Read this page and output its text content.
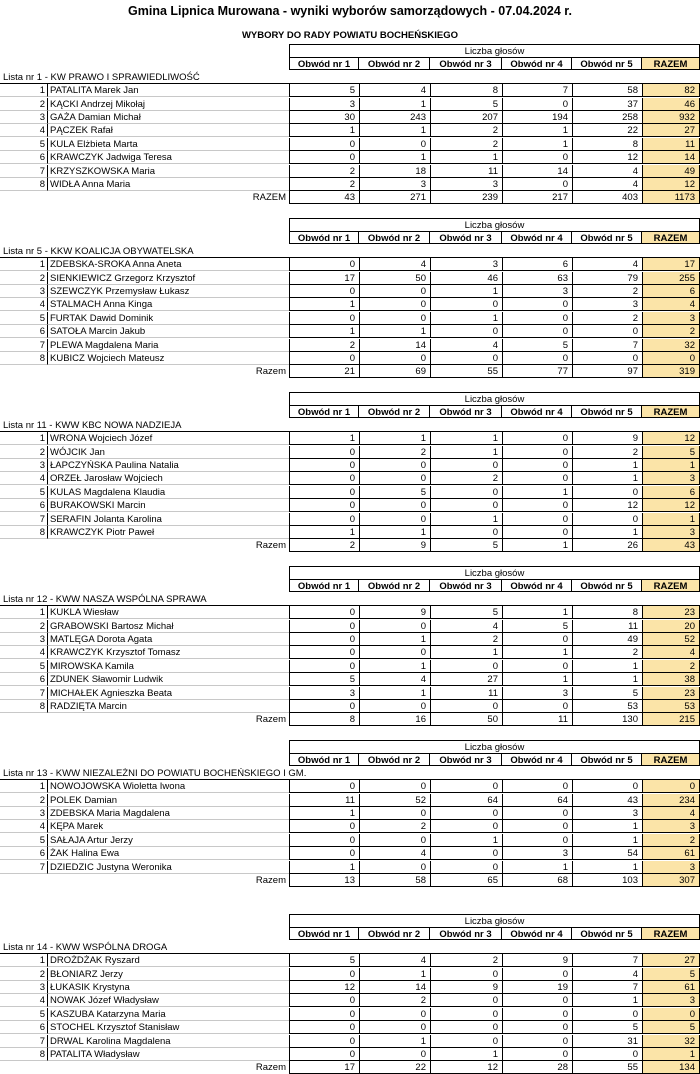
Gmina Lipnica Murowana - wyniki wyborów samorządowych - 07.04.2024 r.
WYBORY DO RADY POWIATU BOCHEŃSKIEGO
Liczba głosów
Obwód nr 1	Obwód nr 2	Obwód nr 3	Obwód nr 4	Obwód nr 5	RAZEM
Lista nr 1 - KW PRAWO I SPRAWIEDLIWOŚĆ
1 PATALITA Marek Jan	5	4	8	7	58	82
2 KĄCKI Andrzej Mikołaj	3	1	5	0	37	46
3 GAŻA Damian Michał	30	243	207	194	258	932
4 PĄCZEK Rafał	1	1	2	1	22	27
5 KULA Elżbieta Marta	0	0	2	1	8	11
6 KRAWCZYK Jadwiga Teresa	0	1	1	0	12	14
7 KRZYSZKOWSKA Maria	2	18	11	14	4	49
8 WIDŁA Anna Maria	2	3	3	0	4	12
RAZEM	43	271	239	217	403	1173
Liczba głosów
Obwód nr 1	Obwód nr 2	Obwód nr 3	Obwód nr 4	Obwód nr 5	RAZEM
Lista nr 5 - KKW KOALICJA OBYWATELSKA
1 ZDEBSKA-SROKA Anna Aneta	0	4	3	6	4	17
2 SIENKIEWICZ Grzegorz Krzysztof	17	50	46	63	79	255
3 SZEWCZYK Przemysław Łukasz	0	0	1	3	2	6
4 STALMACH Anna Kinga	1	0	0	0	3	4
5 FURTAK Dawid Dominik	0	0	1	0	2	3
6 SATOŁA Marcin Jakub	1	1	0	0	0	2
7 PLEWA Magdalena Maria	2	14	4	5	7	32
8 KUBICZ Wojciech Mateusz	0	0	0	0	0	0
Razem	21	69	55	77	97	319
Liczba głosów
Obwód nr 1	Obwód nr 2	Obwód nr 3	Obwód nr 4	Obwód nr 5	RAZEM
Lista nr 11 - KWW KBC NOWA NADZIEJA
1 WRONA Wojciech Józef	1	1	1	0	9	12
2 WÓJCIK Jan	0	2	1	0	2	5
3 ŁAPCZYŃSKA Paulina Natalia	0	0	0	0	1	1
4 ORZEŁ Jarosław Wojciech	0	0	2	0	1	3
5 KULAS Magdalena Klaudia	0	5	0	1	0	6
6 BURAKOWSKI Marcin	0	0	0	0	12	12
7 SERAFIN Jolanta Karolina	0	0	1	0	0	1
8 KRAWCZYK Piotr Paweł	1	1	0	0	1	3
Razem	2	9	5	1	26	43
Liczba głosów
Obwód nr 1	Obwód nr 2	Obwód nr 3	Obwód nr 4	Obwód nr 5	RAZEM
Lista nr 12 - KWW NASZA WSPÓLNA SPRAWA
1 KUKLA Wiesław	0	9	5	1	8	23
2 GRABOWSKI Bartosz Michał	0	0	4	5	11	20
3 MATLĘGA Dorota Agata	0	1	2	0	49	52
4 KRAWCZYK Krzysztof Tomasz	0	0	1	1	2	4
5 MIROWSKA Kamila	0	1	0	0	1	2
6 ZDUNEK Sławomir Ludwik	5	4	27	1	1	38
7 MICHAŁEK Agnieszka Beata	3	1	11	3	5	23
8 RADZIĘTA Marcin	0	0	0	0	53	53
Razem	8	16	50	11	130	215
Liczba głosów
Obwód nr 1	Obwód nr 2	Obwód nr 3	Obwód nr 4	Obwód nr 5	RAZEM
Lista nr 13 - KWW NIEZALEŻNI DO POWIATU BOCHEŃSKIEGO I GM.
1 NOWOJOWSKA Wioletta Iwona	0	0	0	0	0	0
2 POLEK Damian	11	52	64	64	43	234
3 ZDEBSKA Maria Magdalena	1	0	0	0	3	4
4 KĘPA Marek	0	2	0	0	1	3
5 SAŁAJA Artur Jerzy	0	0	1	0	1	2
6 ŻAK Halina Ewa	0	4	0	3	54	61
7 DZIEDZIC Justyna Weronika	1	0	0	1	1	3
Razem	13	58	65	68	103	307
Liczba głosów
Obwód nr 1	Obwód nr 2	Obwód nr 3	Obwód nr 4	Obwód nr 5	RAZEM
Lista nr 14 - KWW WSPÓLNA DROGA
1 DROŻDŻAK Ryszard	5	4	2	9	7	27
2 BŁONIARZ Jerzy	0	1	0	0	4	5
3 ŁUKASIK Krystyna	12	14	9	19	7	61
4 NOWAK Józef Władysław	0	2	0	0	1	3
5 KASZUBA Katarzyna Maria	0	0	0	0	0	0
6 STOCHEL Krzysztof Stanisław	0	0	0	0	5	5
7 DRWAL Karolina Magdalena	0	1	0	0	31	32
8 PATALITA Władysław	0	0	1	0	0	1
Razem	17	22	12	28	55	134
